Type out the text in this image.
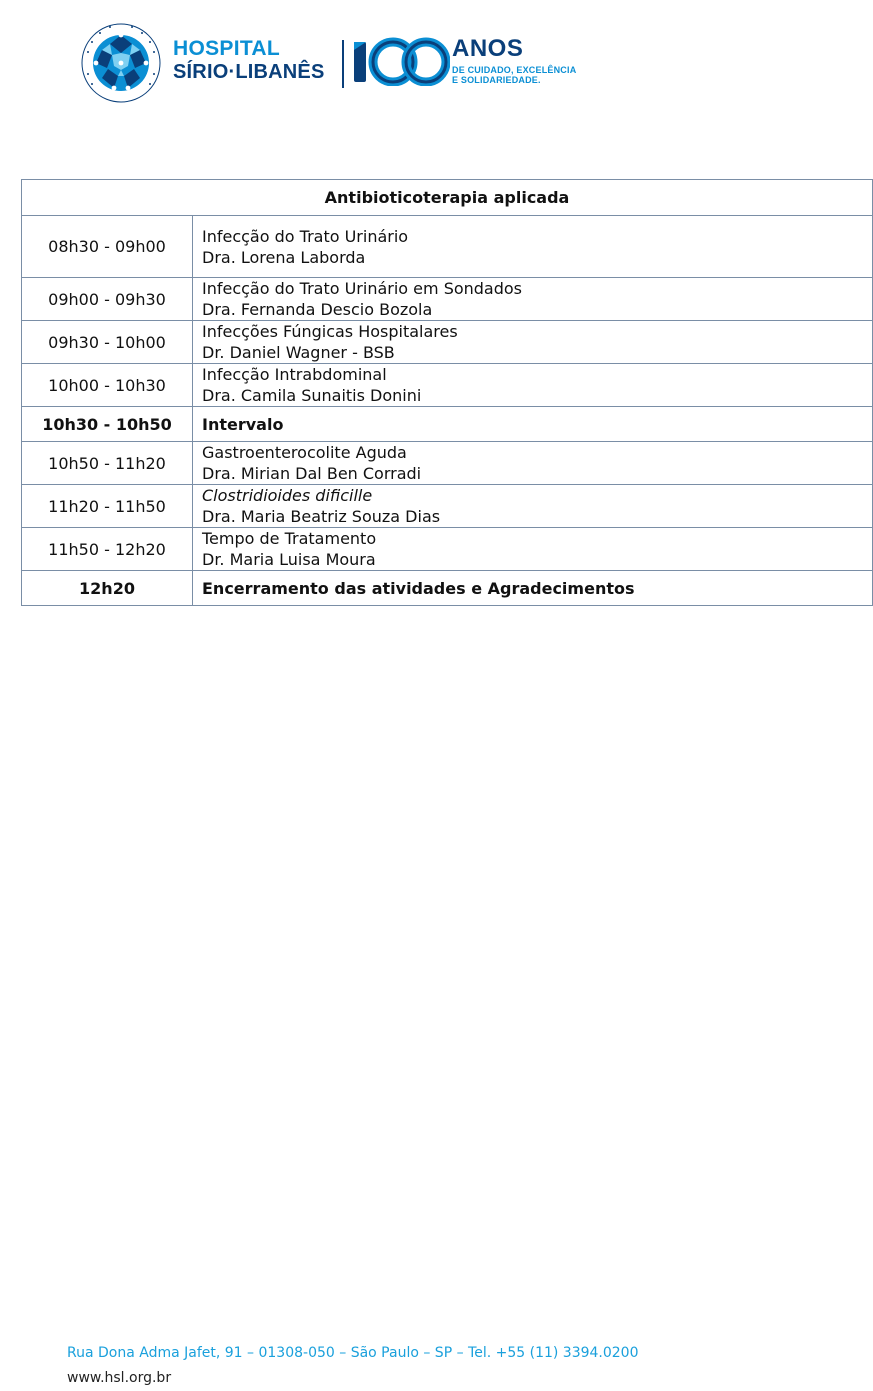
HOSPITAL
SÍRIO·LIBANÊS
ANOS
DE CUIDADO, EXCELÊNCIA
E SOLIDARIEDADE.
Antibioticoterapia aplicada	
08h30 - 09h00	Infecção do Trato Urinário
Dra. Lorena Laborda

09h00 - 09h30	Infecção do Trato Urinário em Sondados
Dra. Fernanda Descio Bozola

09h30 - 10h00	Infecções Fúngicas Hospitalares
Dr. Daniel Wagner - BSB

10h00 - 10h30	Infecção Intrabdominal
Dra. Camila Sunaitis Donini

10h30 - 10h50	Intervalo

10h50 - 11h20	Gastroenterocolite Aguda
Dra. Mirian Dal Ben Corradi

11h20 - 11h50	Clostridioides dificille
Dra. Maria Beatriz Souza Dias

11h50 - 12h20	Tempo de Tratamento
Dr. Maria Luisa Moura

12h20	Encerramento das atividades e Agradecimentos
Rua Dona Adma Jafet, 91 – 01308-050 – São Paulo – SP – Tel. +55 (11) 3394.0200
www.hsl.org.br
